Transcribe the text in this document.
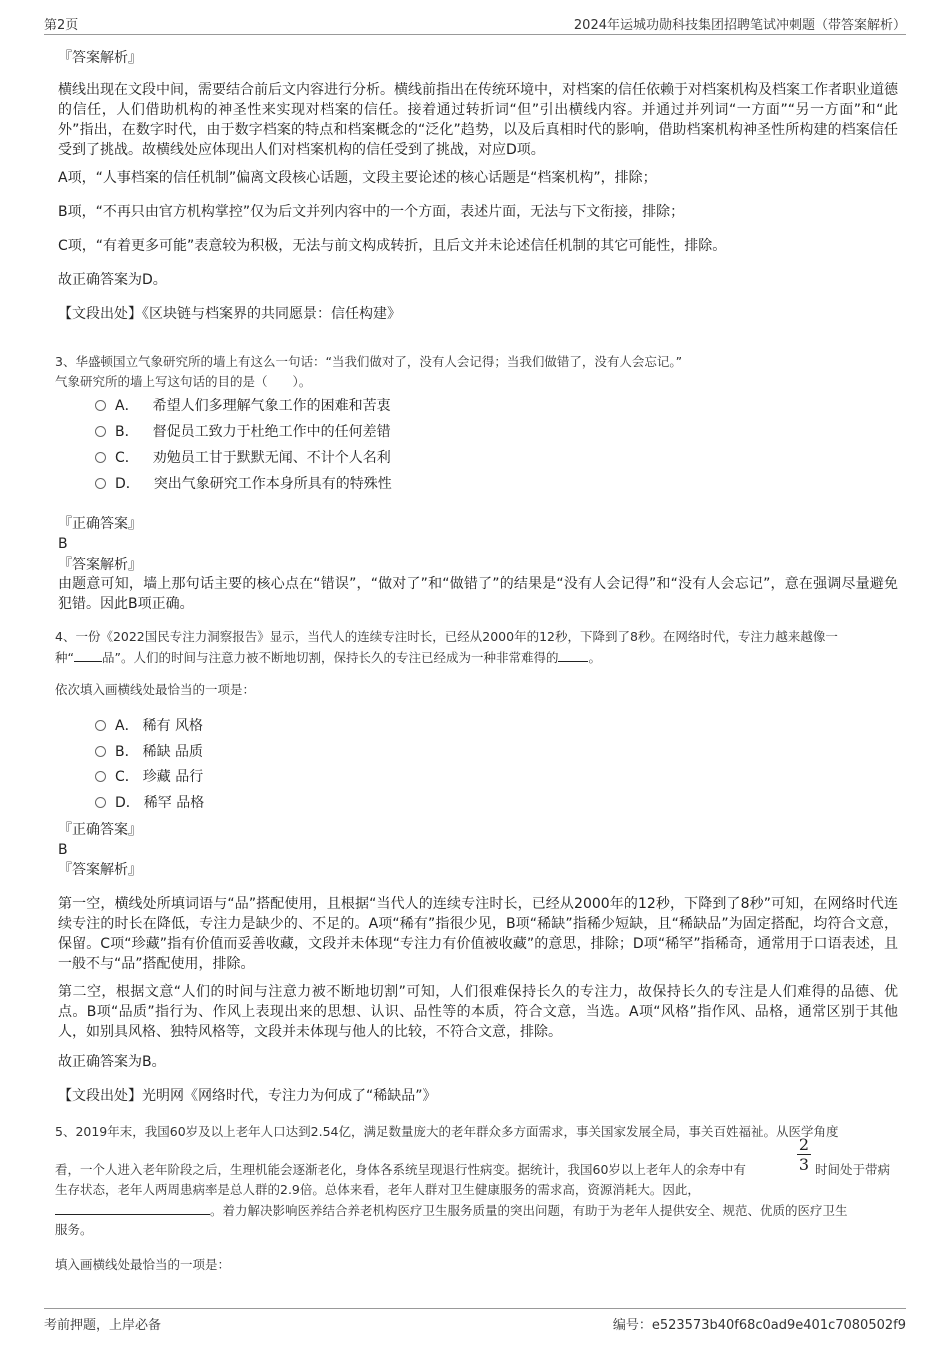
第2页	2024年运城功勋科技集团招聘笔试冲刺题（带答案解析）

『答案解析』

横线出现在文段中间，需要结合前后文内容进行分析。横线前指出在传统环境中，对档案的信任依赖于对档案机构及档案工作者职业道德的信任，人们借助机构的神圣性来实现对档案的信任。接着通过转折词“但”引出横线内容。并通过并列词“一方面”“另一方面”和“此外”指出，在数字时代，由于数字档案的特点和档案概念的“泛化”趋势，以及后真相时代的影响，借助档案机构神圣性所构建的档案信任受到了挑战。故横线处应体现出人们对档案机构的信任受到了挑战，对应D项。

A项，“人事档案的信任机制”偏离文段核心话题，文段主要论述的核心话题是“档案机构”，排除；

B项，“不再只由官方机构掌控”仅为后文并列内容中的一个方面，表述片面，无法与下文衔接，排除；

C项，“有着更多可能”表意较为积极，无法与前文构成转折，且后文并未论述信任机制的其它可能性，排除。

故正确答案为D。

【文段出处】《区块链与档案界的共同愿景：信任构建》

3、华盛顿国立气象研究所的墙上有这么一句话：“当我们做对了，没有人会记得；当我们做错了，没有人会忘记。”

气象研究所的墙上写这句话的目的是（　　）。

A． 希望人们多理解气象工作的困难和苦衷
B． 督促员工致力于杜绝工作中的任何差错
C． 劝勉员工甘于默默无闻、不计个人名利
D． 突出气象研究工作本身所具有的特殊性

『正确答案』

B

『答案解析』

由题意可知，墙上那句话主要的核心点在“错误”，“做对了”和“做错了”的结果是“没有人会记得”和“没有人会忘记”，意在强调尽量避免犯错。因此B项正确。

4、一份《2022国民专注力洞察报告》显示，当代人的连续专注时长，已经从2000年的12秒，下降到了8秒。在网络时代，专注力越来越像一

种“ 品”。人们的时间与注意力被不断地切割，保持长久的专注已经成为一种非常难得的 。

依次填入画横线处最恰当的一项是：

A． 稀有 风格
B． 稀缺 品质
C． 珍藏 品行
D． 稀罕 品格

『正确答案』

B

『答案解析』

第一空，横线处所填词语与“品”搭配使用，且根据“当代人的连续专注时长，已经从2000年的12秒，下降到了8秒”可知，在网络时代连续专注的时长在降低，专注力是缺少的、不足的。A项“稀有”指很少见，B项“稀缺”指稀少短缺，且“稀缺品”为固定搭配，均符合文意，保留。C项“珍藏”指有价值而妥善收藏，文段并未体现“专注力有价值被收藏”的意思，排除；D项“稀罕”指稀奇，通常用于口语表述，且一般不与“品”搭配使用，排除。

第二空，根据文意“人们的时间与注意力被不断地切割”可知，人们很难保持长久的专注力，故保持长久的专注是人们难得的品德、优点。B项“品质”指行为、作风上表现出来的思想、认识、品性等的本质，符合文意，当选。A项“风格”指作风、品格，通常区别于其他人，如别具风格、独特风格等，文段并未体现与他人的比较，不符合文意，排除。

故正确答案为B。

【文段出处】光明网《网络时代，专注力为何成了“稀缺品”》

5、2019年末，我国60岁及以上老年人口达到2.54亿，满足数量庞大的老年群众多方面需求，事关国家发展全局，事关百姓福祉。从医学角度

看，一个人进入老年阶段之后，生理机能会逐渐老化，身体各系统呈现退行性病变。据统计，我国60岁以上老年人的余寿中有

2
3 时间处于带病

生存状态，老年人两周患病率是总人群的2.9倍。总体来看，老年人群对卫生健康服务的需求高，资源消耗大。因此，

。着力解决影响医养结合养老机构医疗卫生服务质量的突出问题，有助于为老年人提供安全、规范、优质的医疗卫生

服务。

填入画横线处最恰当的一项是：

考前押题，上岸必备	编号：e523573b40f68c0ad9e401c7080502f9
